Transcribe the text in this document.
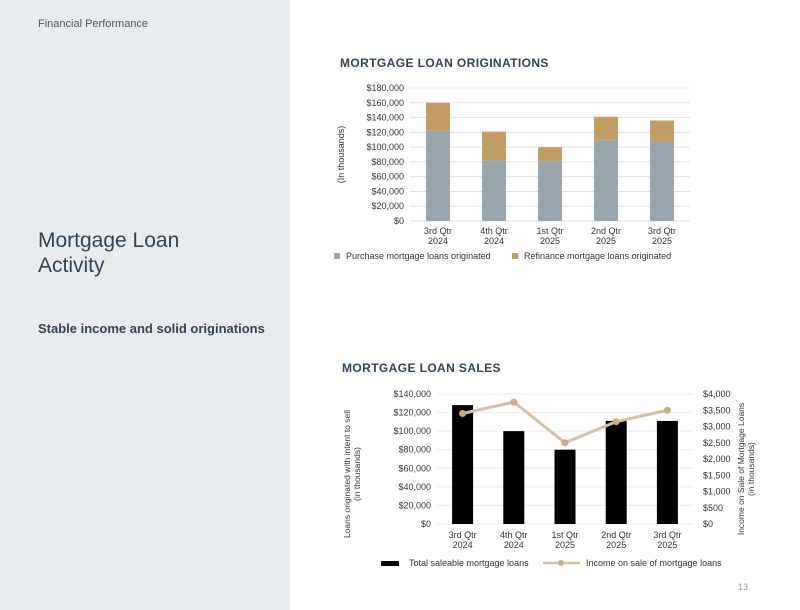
Financial Performance
Mortgage Loan
Activity
Stable income and solid originations
MORTGAGE LOAN ORIGINATIONS
$0
$20,000
$40,000
$60,000
$80,000
$100,000
$120,000
$140,000
$160,000
$180,000
(In thousands)
3rd Qtr
2024
4th Qtr
2024
1st Qtr
2025
2nd Qtr
2025
3rd Qtr
2025
Purchase mortgage loans originated	Refinance mortgage loans originated
MORTGAGE LOAN SALES
$0
$20,000
$40,000
$60,000
$80,000
$100,000
$120,000
$140,000
$0
$500
$1,000
$1,500
$2,000
$2,500
$3,000
$3,500
$4,000
Loans originated with intent to sell (in thousands)	Income on Sale of Mortgage Loans (in thousands)
3rd Qtr
2024
4th Qtr
2024
1st Qtr
2025
2nd Qtr
2025
3rd Qtr
2025
Total saleable mortgage loans	Income on sale of mortgage loans
13
